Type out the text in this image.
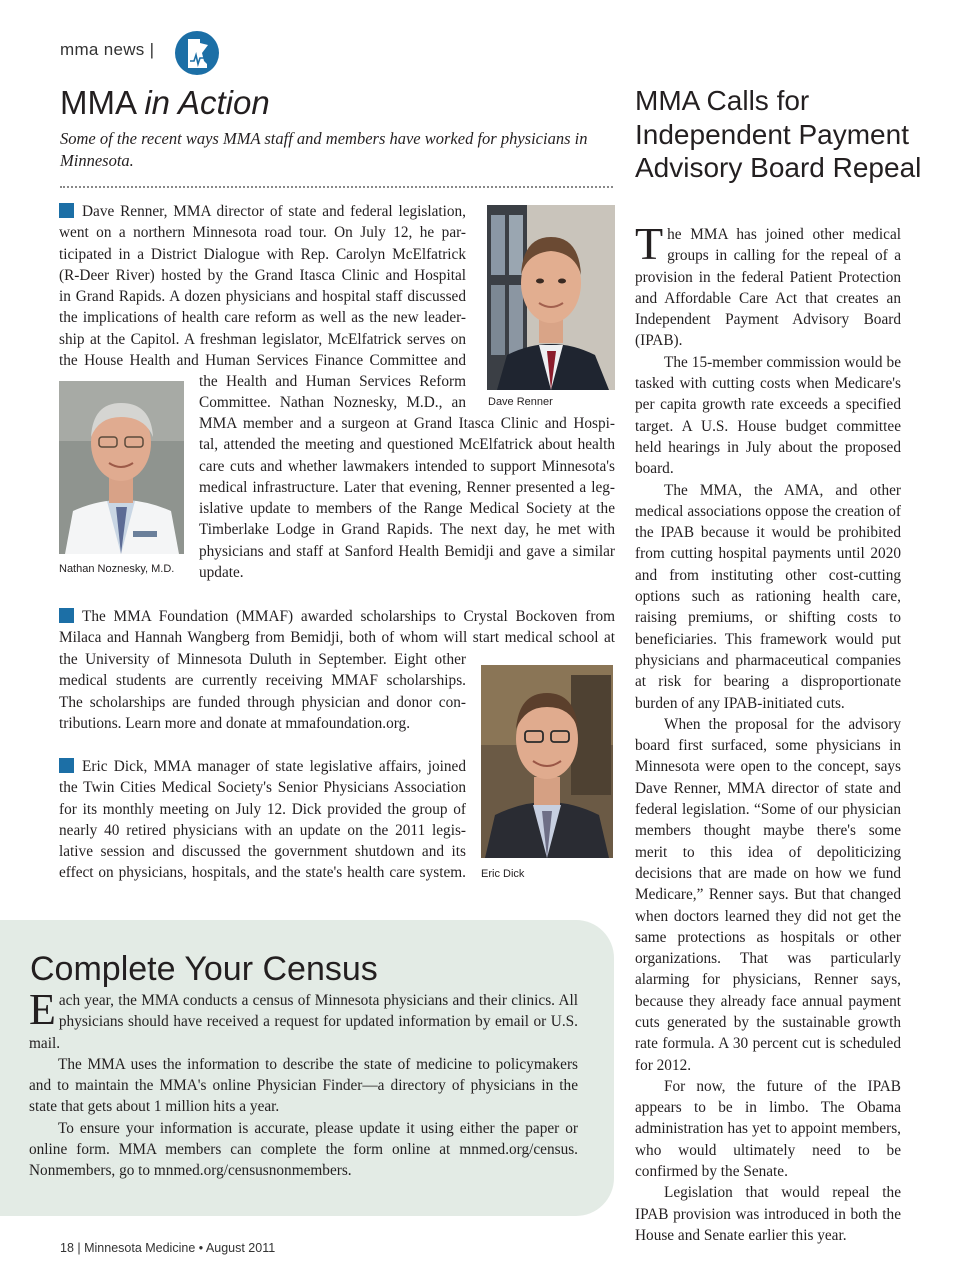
mma news |
MMA in Action
Some of the recent ways MMA staff and members have worked for physicians in Minnesota.
Dave Renner, MMA director of state and federal legislation,
went on a northern Minnesota road tour. On July 12, he par-
ticipated in a District Dialogue with Rep. Carolyn McElfatrick
(R-Deer River) hosted by the Grand Itasca Clinic and Hospital
in Grand Rapids. A dozen physicians and hospital staff discussed
the implications of health care reform as well as the new leader-
ship at the Capitol. A freshman legislator, McElfatrick serves on
the House Health and Human Services Finance Committee and
the Health and Human Services Reform
Committee. Nathan Noznesky, M.D., an
MMA member and a surgeon at Grand Itasca Clinic and Hospi-
tal, attended the meeting and questioned McElfatrick about health
care cuts and whether lawmakers intended to support Minnesota's
medical infrastructure. Later that evening, Renner presented a leg-
islative update to members of the Range Medical Society at the
Timberlake Lodge in Grand Rapids. The next day, he met with
physicians and staff at Sanford Health Bemidji and gave a similar
update.
Dave Renner
Nathan Noznesky, M.D.
The MMA Foundation (MMAF) awarded scholarships to Crystal Bockoven from
Milaca and Hannah Wangberg from Bemidji, both of whom will start medical school at
the University of Minnesota Duluth in September. Eight other
medical students are currently receiving MMAF scholarships.
The scholarships are funded through physician and donor con-
tributions. Learn more and donate at mmafoundation.org.
Eric Dick, MMA manager of state legislative affairs, joined
the Twin Cities Medical Society's Senior Physicians Association
for its monthly meeting on July 12. Dick provided the group of
nearly 40 retired physicians with an update on the 2011 legis-
lative session and discussed the government shutdown and its
effect on physicians, hospitals, and the state's health care system. Eric Dick
Complete Your Census

Each year, the MMA conducts a census of Minnesota physicians and their clinics. All physicians should have received a request for updated information by email or U.S. mail.

The MMA uses the information to describe the state of medicine to policymakers and to maintain the MMA's online Physician Finder—a directory of physicians in the state that gets about 1 million hits a year.

To ensure your information is accurate, please update it using either the paper or online form. MMA members can complete the form online at mnmed.org/census. Nonmembers, go to mnmed.org/censusnonmembers.

MMA Calls for Independent Payment Advisory Board Repeal

The MMA has joined other medical groups in calling for the repeal of a provision in the federal Patient Protection and Affordable Care Act that creates an Independent Payment Advisory Board (IPAB).

The 15-member commission would be tasked with cutting costs when Medicare's per capita growth rate exceeds a specified target. A U.S. House budget committee held hearings in July about the proposed board.

The MMA, the AMA, and other medical associations oppose the creation of the IPAB because it would be prohibited from cutting hospital payments until 2020 and from instituting other cost-cutting options such as rationing health care, raising premiums, or shifting costs to beneficiaries. This framework would put physicians and pharmaceutical companies at risk for bearing a disproportionate burden of any IPAB-initiated cuts.

When the proposal for the advisory board first surfaced, some physicians in Minnesota were open to the concept, says Dave Renner, MMA director of state and federal legislation. “Some of our physician members thought maybe there's some merit to this idea of depoliticizing decisions that are made on how we fund Medicare,” Renner says. But that changed when doctors learned they did not get the same protections as hospitals or other organizations. That was particularly alarming for physicians, Renner says, because they already face annual payment cuts generated by the sustainable growth rate formula. A 30 percent cut is scheduled for 2012.

For now, the future of the IPAB appears to be in limbo. The Obama administration has yet to appoint members, who would ultimately need to be confirmed by the Senate.

Legislation that would repeal the IPAB provision was introduced in both the House and Senate earlier this year.

18 | Minnesota Medicine • August 2011
